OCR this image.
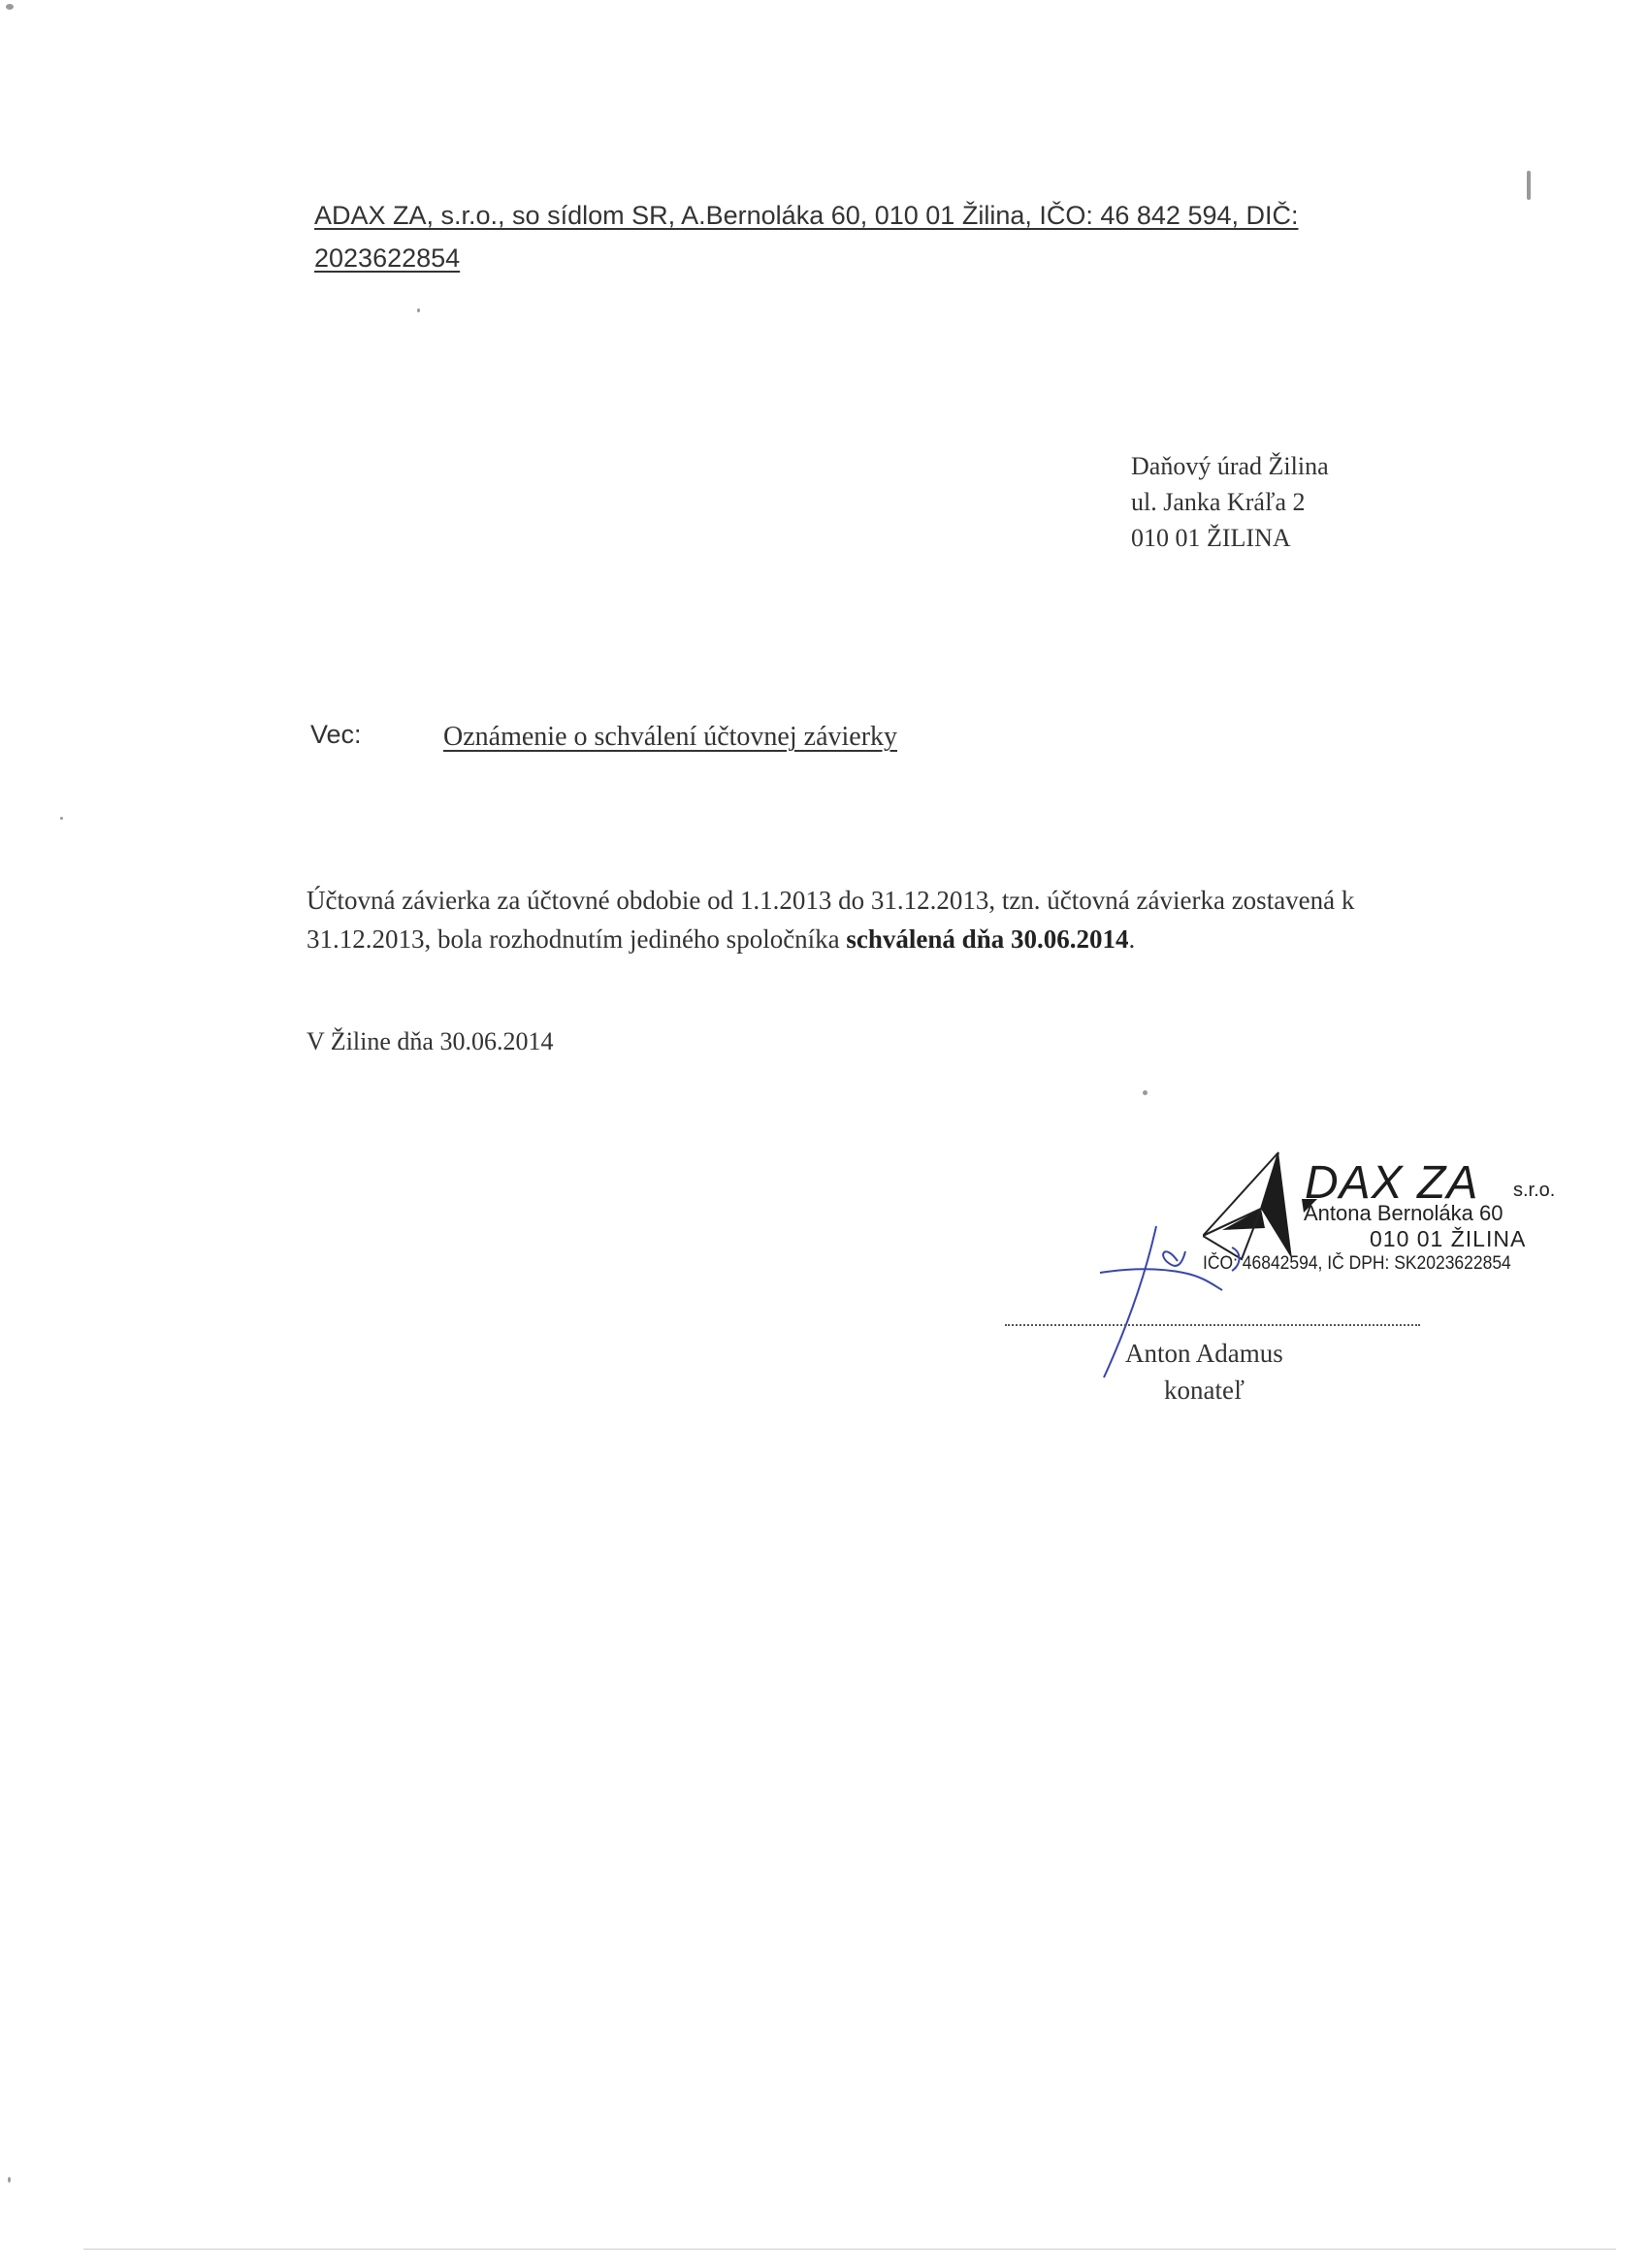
ADAX ZA, s.r.o., so sídlom SR, A.Bernoláka 60, 010 01 Žilina, IČO: 46 842 594, DIČ:
2023622854
Daňový úrad Žilina
ul. Janka Kráľa 2
010 01 ŽILINA
Vec:	Oznámenie o schválení účtovnej závierky
Účtovná závierka za účtovné obdobie od 1.1.2013 do 31.12.2013, tzn. účtovná závierka zostavená k 31.12.2013, bola rozhodnutím jediného spoločníka schválená dňa 30.06.2014.
V Žiline dňa 30.06.2014
DAX ZA s.r.o.
Antona Bernoláka 60
010 01 ŽILINA
IČO: 46842594, IČ DPH: SK2023622854
Anton Adamus
konateľ
